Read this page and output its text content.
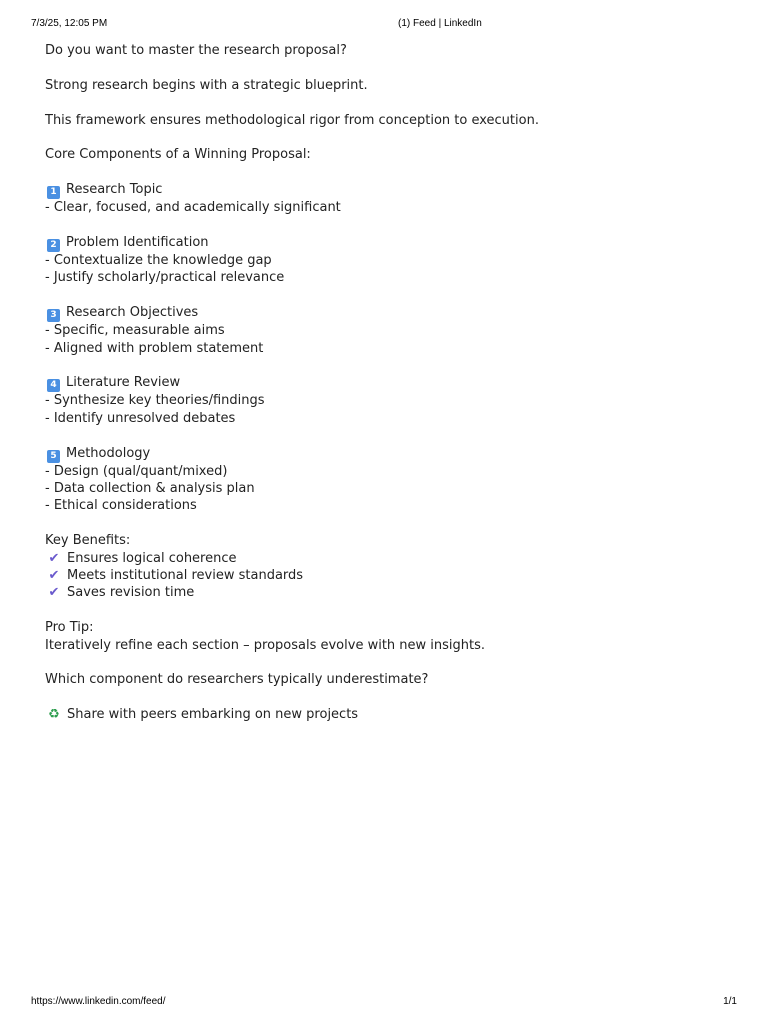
7/3/25, 12:05 PM	(1) Feed | LinkedIn

Do you want to master the research proposal?

Strong research begins with a strategic blueprint.

This framework ensures methodological rigor from conception to execution.

Core Components of a Winning Proposal:

1 Research Topic
- Clear, focused, and academically significant
2 Problem Identification
- Contextualize the knowledge gap
- Justify scholarly/practical relevance
3 Research Objectives
- Specific, measurable aims
- Aligned with problem statement
4 Literature Review
- Synthesize key theories/findings
- Identify unresolved debates
5 Methodology
- Design (qual/quant/mixed)
- Data collection & analysis plan
- Ethical considerations
Key Benefits:
✔ Ensures logical coherence
✔ Meets institutional review standards
✔ Saves revision time
Pro Tip:
Iteratively refine each section – proposals evolve with new insights.

Which component do researchers typically underestimate?

♻ Share with peers embarking on new projects

https://www.linkedin.com/feed/	1/1
